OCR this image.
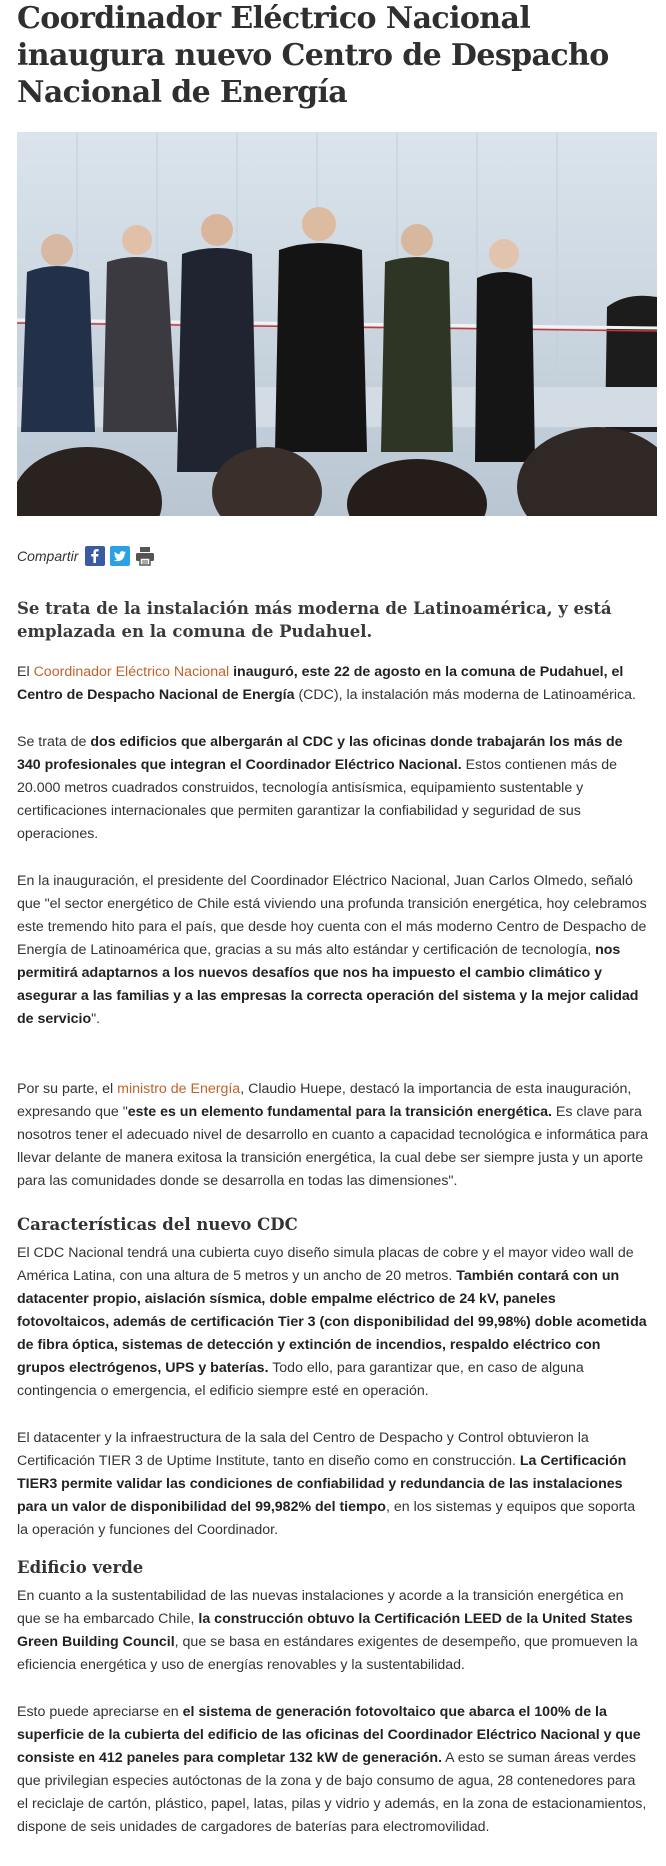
Coordinador Eléctrico Nacional inaugura nuevo Centro de Despacho Nacional de Energía
Compartir

Se trata de la instalación más moderna de Latinoamérica, y está emplazada en la comuna de Pudahuel.

El Coordinador Eléctrico Nacional inauguró, este 22 de agosto en la comuna de Pudahuel, el Centro de Despacho Nacional de Energía (CDC), la instalación más moderna de Latinoamérica.

Se trata de dos edificios que albergarán al CDC y las oficinas donde trabajarán los más de 340 profesionales que integran el Coordinador Eléctrico Nacional. Estos contienen más de 20.000 metros cuadrados construidos, tecnología antisísmica, equipamiento sustentable y certificaciones internacionales que permiten garantizar la confiabilidad y seguridad de sus operaciones.

En la inauguración, el presidente del Coordinador Eléctrico Nacional, Juan Carlos Olmedo, señaló que "el sector energético de Chile está viviendo una profunda transición energética, hoy celebramos este tremendo hito para el país, que desde hoy cuenta con el más moderno Centro de Despacho de Energía de Latinoamérica que, gracias a su más alto estándar y certificación de tecnología, nos permitirá adaptarnos a los nuevos desafíos que nos ha impuesto el cambio climático y asegurar a las familias y a las empresas la correcta operación del sistema y la mejor calidad de servicio".

Por su parte, el ministro de Energía, Claudio Huepe, destacó la importancia de esta inauguración, expresando que "este es un elemento fundamental para la transición energética. Es clave para nosotros tener el adecuado nivel de desarrollo en cuanto a capacidad tecnológica e informática para llevar delante de manera exitosa la transición energética, la cual debe ser siempre justa y un aporte para las comunidades donde se desarrolla en todas las dimensiones".

Características del nuevo CDC

El CDC Nacional tendrá una cubierta cuyo diseño simula placas de cobre y el mayor video wall de América Latina, con una altura de 5 metros y un ancho de 20 metros. También contará con un datacenter propio, aislación sísmica, doble empalme eléctrico de 24 kV, paneles fotovoltaicos, además de certificación Tier 3 (con disponibilidad del 99,98%) doble acometida de fibra óptica, sistemas de detección y extinción de incendios, respaldo eléctrico con grupos electrógenos, UPS y baterías. Todo ello, para garantizar que, en caso de alguna contingencia o emergencia, el edificio siempre esté en operación.

El datacenter y la infraestructura de la sala del Centro de Despacho y Control obtuvieron la Certificación TIER 3 de Uptime Institute, tanto en diseño como en construcción. La Certificación TIER3 permite validar las condiciones de confiabilidad y redundancia de las instalaciones para un valor de disponibilidad del 99,982% del tiempo, en los sistemas y equipos que soporta la operación y funciones del Coordinador.

Edificio verde

En cuanto a la sustentabilidad de las nuevas instalaciones y acorde a la transición energética en que se ha embarcado Chile, la construcción obtuvo la Certificación LEED de la United States Green Building Council, que se basa en estándares exigentes de desempeño, que promueven la eficiencia energética y uso de energías renovables y la sustentabilidad.

Esto puede apreciarse en el sistema de generación fotovoltaico que abarca el 100% de la superficie de la cubierta del edificio de las oficinas del Coordinador Eléctrico Nacional y que consiste en 412 paneles para completar 132 kW de generación. A esto se suman áreas verdes que privilegian especies autóctonas de la zona y de bajo consumo de agua, 28 contenedores para el reciclaje de cartón, plástico, papel, latas, pilas y vidrio y además, en la zona de estacionamientos, dispone de seis unidades de cargadores de baterías para electromovilidad.
